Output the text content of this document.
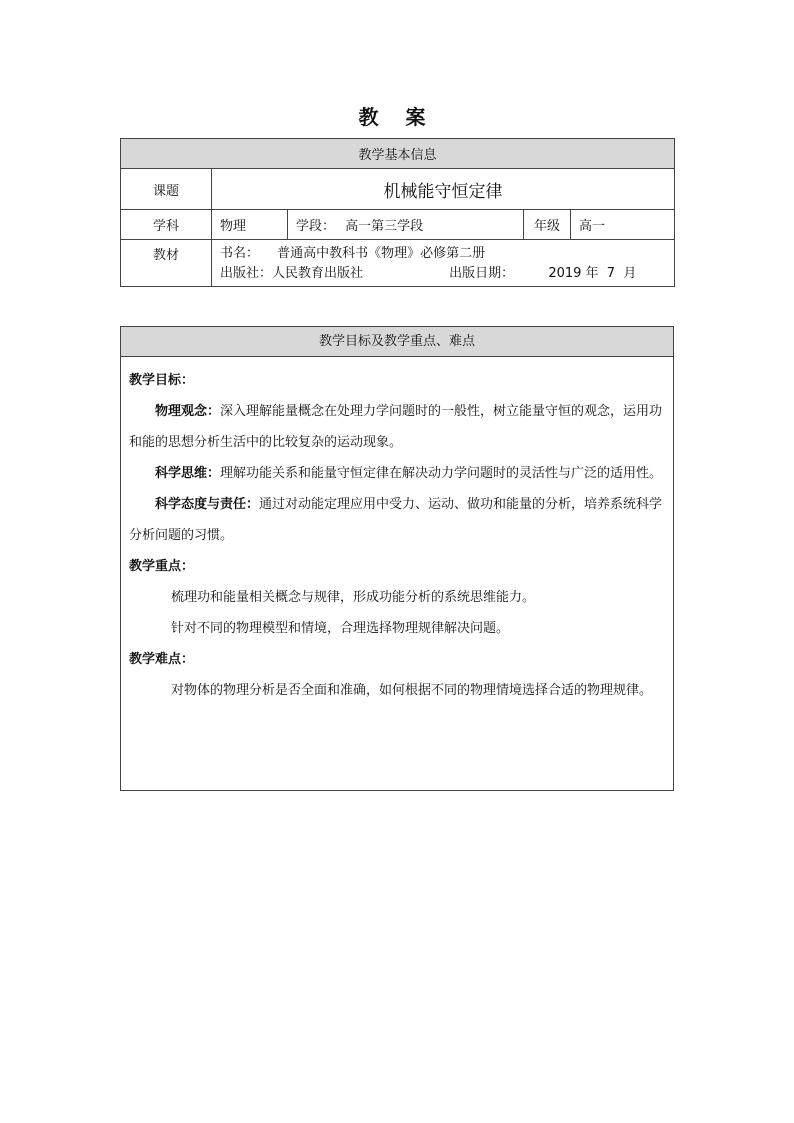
教 案
教学基本信息				
课题	机械能守恒定律			
学科	物理	学段： 高一第三学段	年级	高一
教材	书名： 普通高中教科书《物理》必修第二册
出版社：人民教育出版社 出版日期： 2019 年  7  月			
教学目标及教学重点、难点

教学目标：

物理观念：深入理解能量概念在处理力学问题时的一般性，树立能量守恒的观念，运用功和能的思想分析生活中的比较复杂的运动现象。

科学思维：理解功能关系和能量守恒定律在解决动力学问题时的灵活性与广泛的适用性。

科学态度与责任：通过对动能定理应用中受力、运动、做功和能量的分析，培养系统科学分析问题的习惯。

教学重点：

梳理功和能量相关概念与规律，形成功能分析的系统思维能力。

针对不同的物理模型和情境，合理选择物理规律解决问题。

教学难点：

对物体的物理分析是否全面和准确，如何根据不同的物理情境选择合适的物理规律。
